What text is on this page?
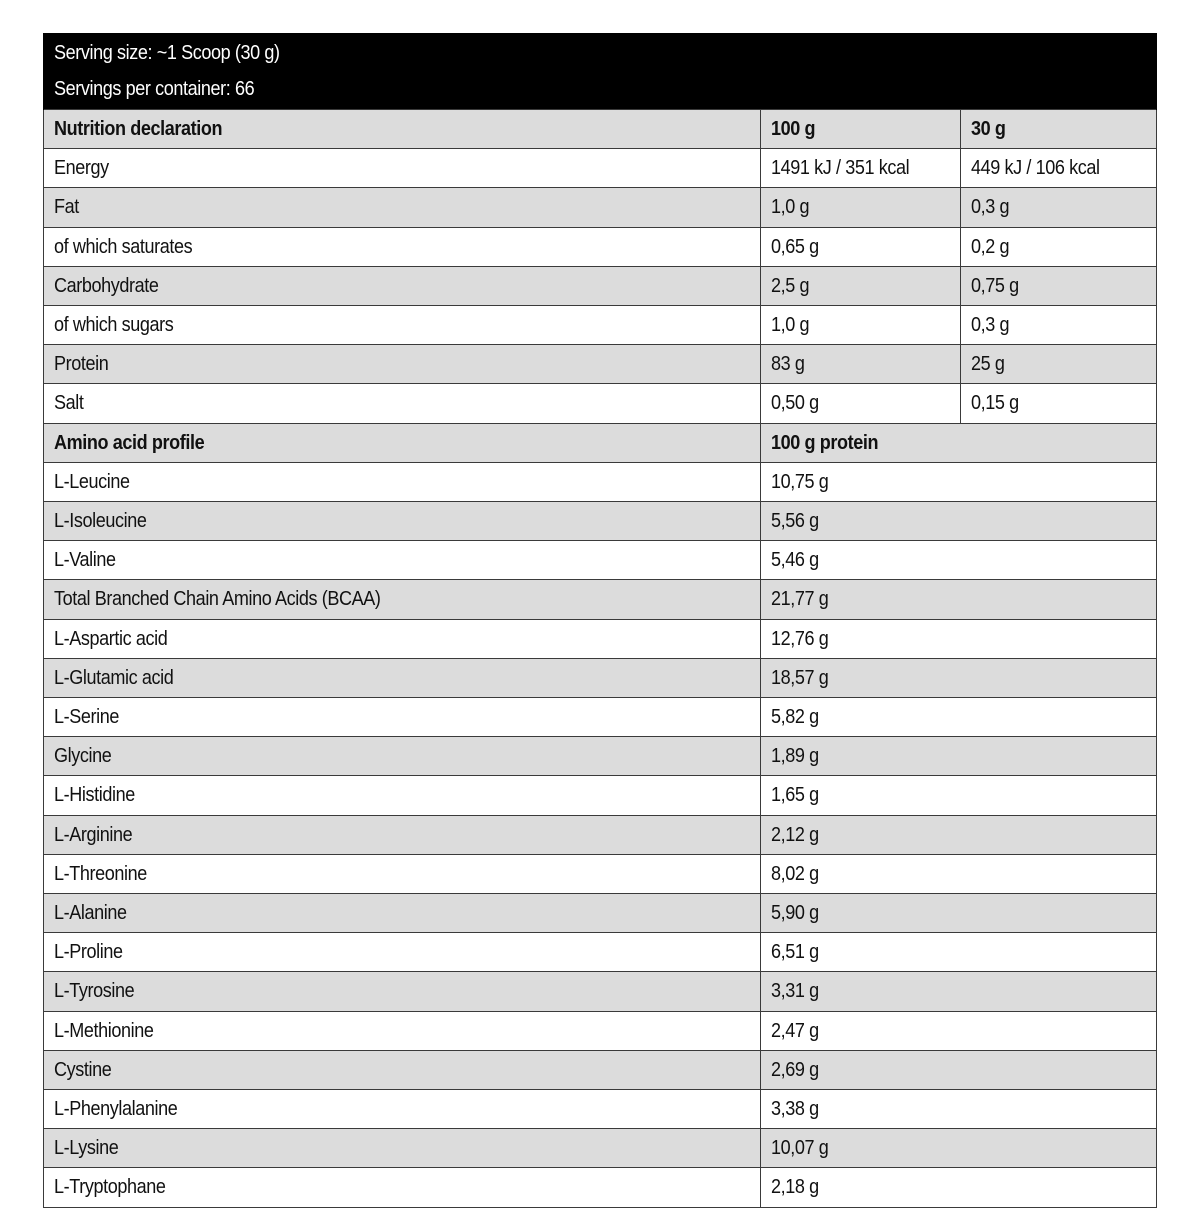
Serving size: ~1 Scoop (30 g)		
Servings per container: 66		
Nutrition declaration	100 g	30 g
Energy	1491 kJ / 351 kcal	449 kJ / 106 kcal
Fat	1,0 g	0,3 g
of which saturates	0,65 g	0,2 g
Carbohydrate	2,5 g	0,75 g
of which sugars	1,0 g	0,3 g
Protein	83 g	25 g
Salt	0,50 g	0,15 g
Amino acid profile	100 g protein	
L-Leucine	10,75 g	
L-Isoleucine	5,56 g	
L-Valine	5,46 g	
Total Branched Chain Amino Acids (BCAA)	21,77 g	
L-Aspartic acid	12,76 g	
L-Glutamic acid	18,57 g	
L-Serine	5,82 g	
Glycine	1,89 g	
L-Histidine	1,65 g	
L-Arginine	2,12 g	
L-Threonine	8,02 g	
L-Alanine	5,90 g	
L-Proline	6,51 g	
L-Tyrosine	3,31 g	
L-Methionine	2,47 g	
Cystine	2,69 g	
L-Phenylalanine	3,38 g	
L-Lysine	10,07 g	
L-Tryptophane	2,18 g	
